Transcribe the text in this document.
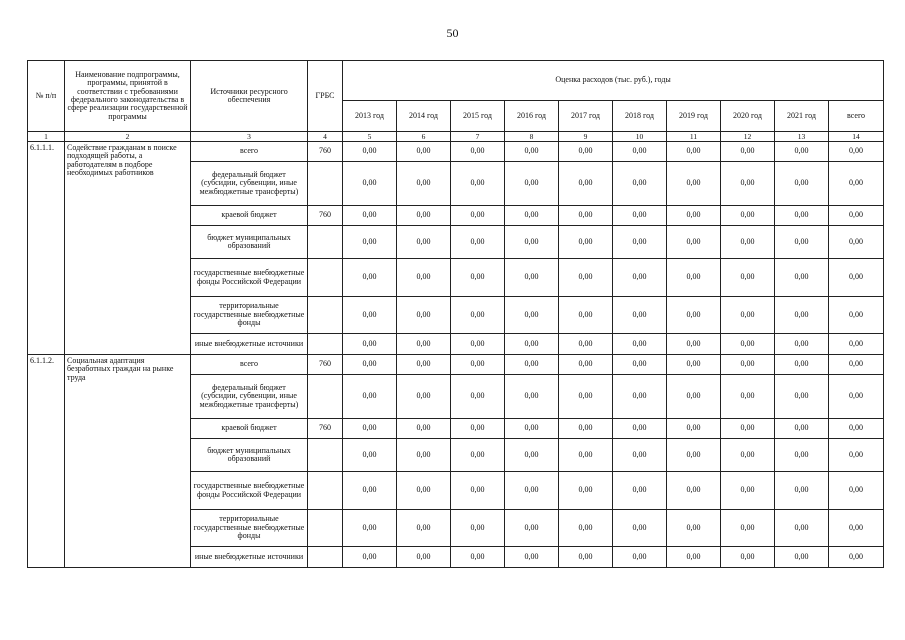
50
№ п/п	Наименование подпрограммы, программы, принятой в соответствии с требованиями федерального законодательства в сфере реализации государственной программы	Источники ресурсного обеспечения	ГРБС	Оценка расходов (тыс. руб.), годы									
				2013 год	2014 год	2015 год	2016 год	2017 год	2018 год	2019 год	2020 год	2021 год	всего
1	2	3	4	5	6	7	8	9	10	11	12	13	14
6.1.1.1.	Содействие гражданам в поиске подходящей работы, а работодателям в подборе необходимых работников	всего	760	0,00	0,00	0,00	0,00	0,00	0,00	0,00	0,00	0,00	0,00
		федеральный бюджет (субсидии, субвенции, иные межбюджетные трансферты)		0,00	0,00	0,00	0,00	0,00	0,00	0,00	0,00	0,00	0,00
		краевой бюджет	760	0,00	0,00	0,00	0,00	0,00	0,00	0,00	0,00	0,00	0,00
		бюджет муниципальных образований		0,00	0,00	0,00	0,00	0,00	0,00	0,00	0,00	0,00	0,00
		государственные внебюджетные фонды Российской Федерации		0,00	0,00	0,00	0,00	0,00	0,00	0,00	0,00	0,00	0,00
		территориальные государственные внебюджетные фонды		0,00	0,00	0,00	0,00	0,00	0,00	0,00	0,00	0,00	0,00
		иные внебюджетные источники		0,00	0,00	0,00	0,00	0,00	0,00	0,00	0,00	0,00	0,00
6.1.1.2.	Социальная адаптация безработных граждан на рынке труда	всего	760	0,00	0,00	0,00	0,00	0,00	0,00	0,00	0,00	0,00	0,00
		федеральный бюджет (субсидии, субвенции, иные межбюджетные трансферты)		0,00	0,00	0,00	0,00	0,00	0,00	0,00	0,00	0,00	0,00
		краевой бюджет	760	0,00	0,00	0,00	0,00	0,00	0,00	0,00	0,00	0,00	0,00
		бюджет муниципальных образований		0,00	0,00	0,00	0,00	0,00	0,00	0,00	0,00	0,00	0,00
		государственные внебюджетные фонды Российской Федерации		0,00	0,00	0,00	0,00	0,00	0,00	0,00	0,00	0,00	0,00
		территориальные государственные внебюджетные фонды		0,00	0,00	0,00	0,00	0,00	0,00	0,00	0,00	0,00	0,00
		иные внебюджетные источники		0,00	0,00	0,00	0,00	0,00	0,00	0,00	0,00	0,00	0,00
